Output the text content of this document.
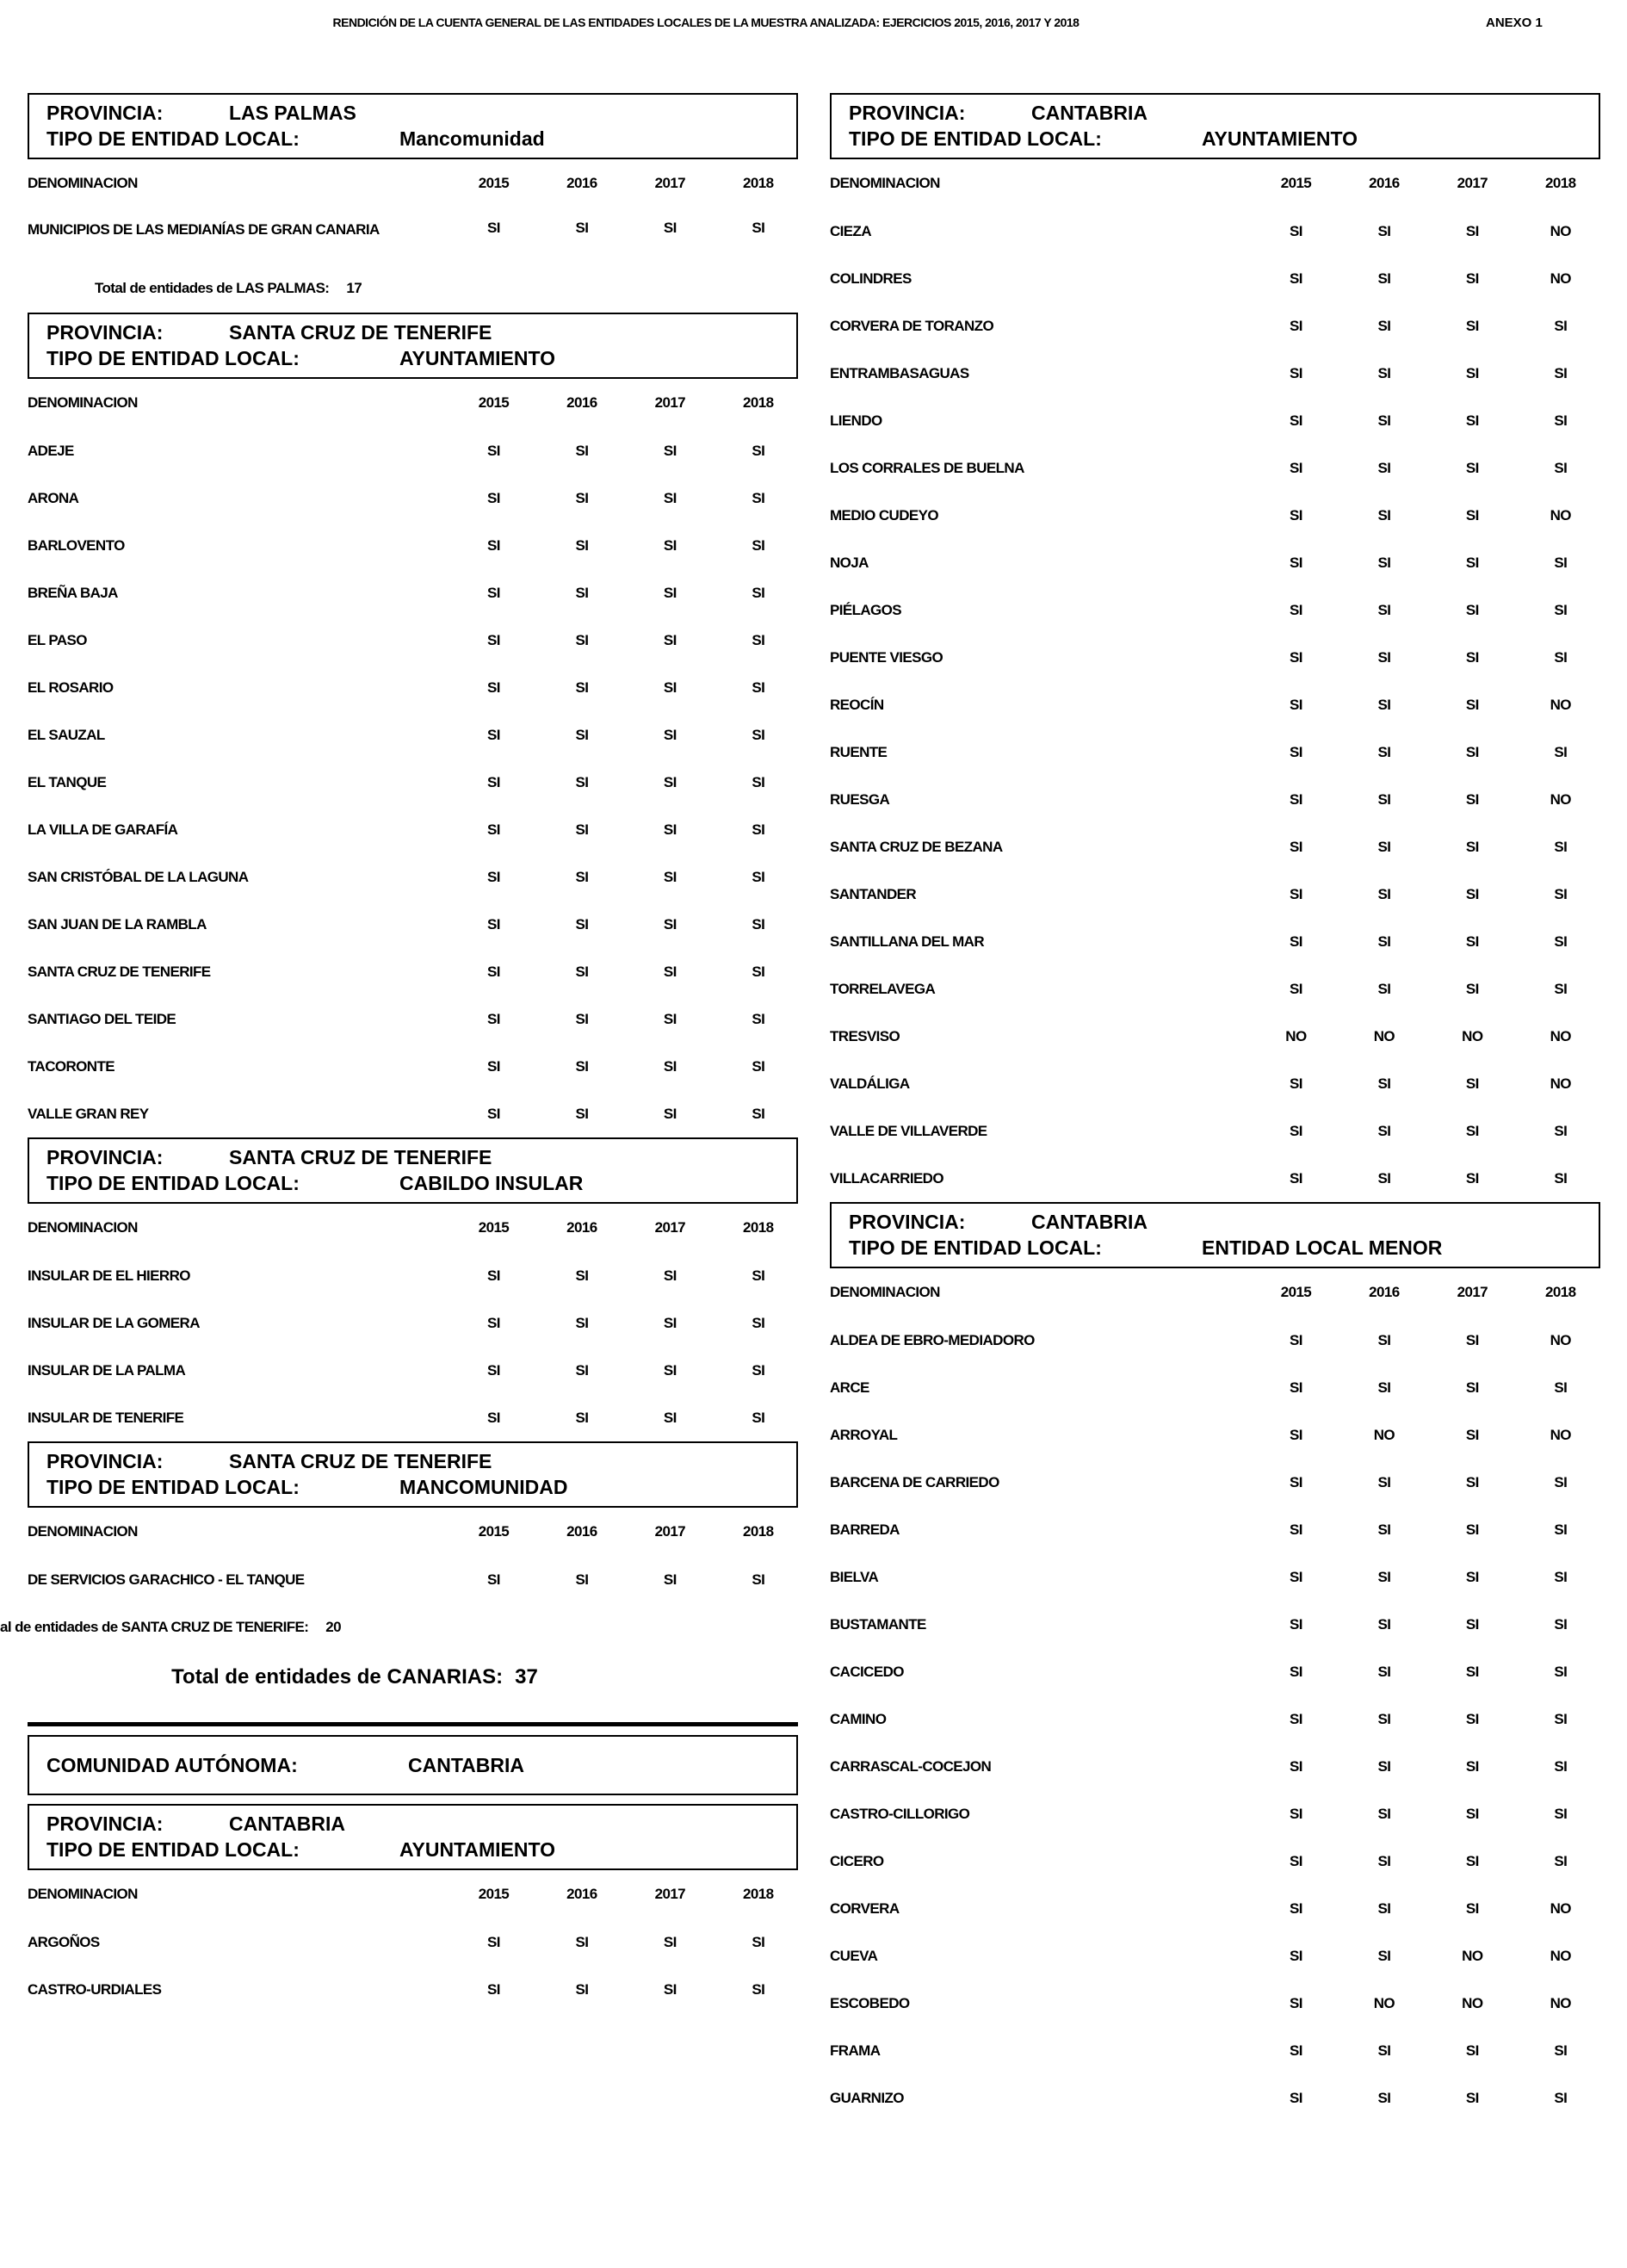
RENDICIÓN DE LA CUENTA GENERAL DE LAS ENTIDADES LOCALES DE LA MUESTRA ANALIZADA: EJERCICIOS 2015, 2016, 2017 Y 2018	ANEXO 1
PROVINCIA:	LAS PALMAS
TIPO DE ENTIDAD LOCAL:	Mancomunidad
DENOMINACION	2015	2016	2017	2018
MUNICIPIOS DE LAS MEDIANÍAS DE GRAN CANARIA	SI	SI	SI	SI
Total de entidades de LAS PALMAS: 17
PROVINCIA:	SANTA CRUZ DE TENERIFE
TIPO DE ENTIDAD LOCAL:	AYUNTAMIENTO
DENOMINACION	2015	2016	2017	2018
ADEJE	SI	SI	SI	SI
ARONA	SI	SI	SI	SI
BARLOVENTO	SI	SI	SI	SI
BREÑA BAJA	SI	SI	SI	SI
EL PASO	SI	SI	SI	SI
EL ROSARIO	SI	SI	SI	SI
EL SAUZAL	SI	SI	SI	SI
EL TANQUE	SI	SI	SI	SI
LA VILLA DE GARAFÍA	SI	SI	SI	SI
SAN CRISTÓBAL DE LA LAGUNA	SI	SI	SI	SI
SAN JUAN DE LA RAMBLA	SI	SI	SI	SI
SANTA CRUZ DE TENERIFE	SI	SI	SI	SI
SANTIAGO DEL TEIDE	SI	SI	SI	SI
TACORONTE	SI	SI	SI	SI
VALLE GRAN REY	SI	SI	SI	SI
PROVINCIA:	SANTA CRUZ DE TENERIFE
TIPO DE ENTIDAD LOCAL:	CABILDO INSULAR
DENOMINACION	2015	2016	2017	2018
INSULAR DE EL HIERRO	SI	SI	SI	SI
INSULAR DE LA GOMERA	SI	SI	SI	SI
INSULAR DE LA PALMA	SI	SI	SI	SI
INSULAR DE TENERIFE	SI	SI	SI	SI
PROVINCIA:	SANTA CRUZ DE TENERIFE
TIPO DE ENTIDAD LOCAL:	MANCOMUNIDAD
DENOMINACION	2015	2016	2017	2018
DE SERVICIOS GARACHICO - EL TANQUE	SI	SI	SI	SI
al de entidades de SANTA CRUZ DE TENERIFE: 20
Total de entidades de CANARIAS: 37
COMUNIDAD AUTÓNOMA:	CANTABRIA
PROVINCIA:	CANTABRIA
TIPO DE ENTIDAD LOCAL:	AYUNTAMIENTO
DENOMINACION	2015	2016	2017	2018
ARGOÑOS	SI	SI	SI	SI
CASTRO-URDIALES	SI	SI	SI	SI
PROVINCIA:	CANTABRIA
TIPO DE ENTIDAD LOCAL:	AYUNTAMIENTO
DENOMINACION	2015	2016	2017	2018
CIEZA	SI	SI	SI	NO
COLINDRES	SI	SI	SI	NO
CORVERA DE TORANZO	SI	SI	SI	SI
ENTRAMBASAGUAS	SI	SI	SI	SI
LIENDO	SI	SI	SI	SI
LOS CORRALES DE BUELNA	SI	SI	SI	SI
MEDIO CUDEYO	SI	SI	SI	NO
NOJA	SI	SI	SI	SI
PIÉLAGOS	SI	SI	SI	SI
PUENTE VIESGO	SI	SI	SI	SI
REOCÍN	SI	SI	SI	NO
RUENTE	SI	SI	SI	SI
RUESGA	SI	SI	SI	NO
SANTA CRUZ DE BEZANA	SI	SI	SI	SI
SANTANDER	SI	SI	SI	SI
SANTILLANA DEL MAR	SI	SI	SI	SI
TORRELAVEGA	SI	SI	SI	SI
TRESVISO	NO	NO	NO	NO
VALDÁLIGA	SI	SI	SI	NO
VALLE DE VILLAVERDE	SI	SI	SI	SI
VILLACARRIEDO	SI	SI	SI	SI
PROVINCIA:	CANTABRIA
TIPO DE ENTIDAD LOCAL:	ENTIDAD LOCAL MENOR
DENOMINACION	2015	2016	2017	2018
ALDEA DE EBRO-MEDIADORO	SI	SI	SI	NO
ARCE	SI	SI	SI	SI
ARROYAL	SI	NO	SI	NO
BARCENA DE CARRIEDO	SI	SI	SI	SI
BARREDA	SI	SI	SI	SI
BIELVA	SI	SI	SI	SI
BUSTAMANTE	SI	SI	SI	SI
CACICEDO	SI	SI	SI	SI
CAMINO	SI	SI	SI	SI
CARRASCAL-COCEJON	SI	SI	SI	SI
CASTRO-CILLORIGO	SI	SI	SI	SI
CICERO	SI	SI	SI	SI
CORVERA	SI	SI	SI	NO
CUEVA	SI	SI	NO	NO
ESCOBEDO	SI	NO	NO	NO
FRAMA	SI	SI	SI	SI
GUARNIZO	SI	SI	SI	SI
